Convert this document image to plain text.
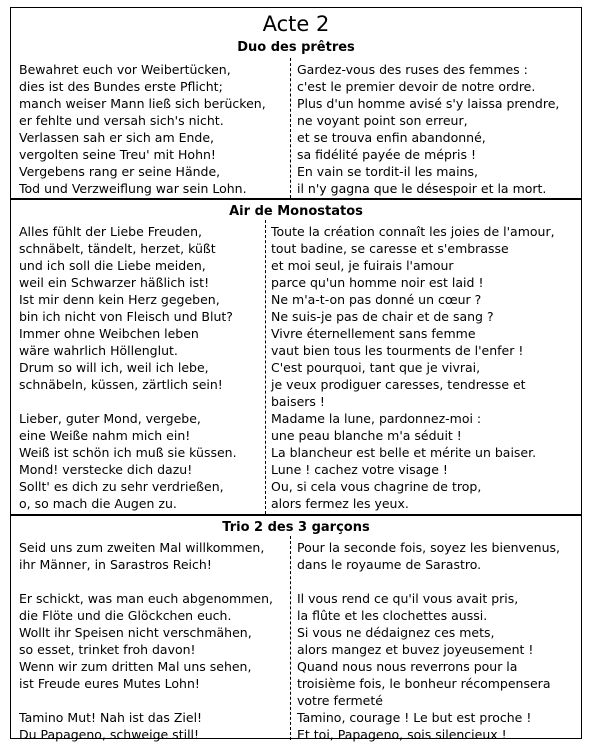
Acte 2
Duo des prêtres
Bewahret euch vor Weibertücken,
dies ist des Bundes erste Pflicht;
manch weiser Mann ließ sich berücken,
er fehlte und versah sich's nicht.
Verlassen sah er sich am Ende,
vergolten seine Treu' mit Hohn!
Vergebens rang er seine Hände,
Tod und Verzweiflung war sein Lohn.
Gardez-vous des ruses des femmes :
c'est le premier devoir de notre ordre.
Plus d'un homme avisé s'y laissa prendre,
ne voyant point son erreur,
et se trouva enfin abandonné,
sa fidélité payée de mépris !
En vain se tordit-il les mains,
il n'y gagna que le désespoir et la mort.
Air de Monostatos
Alles fühlt der Liebe Freuden,
schnäbelt, tändelt, herzet, küßt
und ich soll die Liebe meiden,
weil ein Schwarzer häßlich ist!
Ist mir denn kein Herz gegeben,
bin ich nicht von Fleisch und Blut?
Immer ohne Weibchen leben
wäre wahrlich Höllenglut.
Drum so will ich, weil ich lebe,
schnäbeln, küssen, zärtlich sein!

Lieber, guter Mond, vergebe,
eine Weiße nahm mich ein!
Weiß ist schön ich muß sie küssen.
Mond! verstecke dich dazu!
Sollt' es dich zu sehr verdrießen,
o, so mach die Augen zu.
Toute la création connaît les joies de l'amour,
tout badine, se caresse et s'embrasse
et moi seul, je fuirais l'amour
parce qu'un homme noir est laid !
Ne m'a-t-on pas donné un cœur ?
Ne suis-je pas de chair et de sang ?
Vivre éternellement sans femme
vaut bien tous les tourments de l'enfer !
C'est pourquoi, tant que je vivrai,
je veux prodiguer caresses, tendresse et
baisers !
Madame la lune, pardonnez-moi :
une peau blanche m'a séduit !
La blancheur est belle et mérite un baiser.
Lune ! cachez votre visage !
Ou, si cela vous chagrine de trop,
alors fermez les yeux.
Trio 2 des 3 garçons
Seid uns zum zweiten Mal willkommen,
ihr Männer, in Sarastros Reich!

Er schickt, was man euch abgenommen,
die Flöte und die Glöckchen euch.
Wollt ihr Speisen nicht verschmähen,
so esset, trinket froh davon!
Wenn wir zum dritten Mal uns sehen,
ist Freude eures Mutes Lohn!

Tamino Mut! Nah ist das Ziel!
Du Papageno, schweige still!
Pour la seconde fois, soyez les bienvenus,
dans le royaume de Sarastro.

Il vous rend ce qu'il vous avait pris,
la flûte et les clochettes aussi.
Si vous ne dédaignez ces mets,
alors mangez et buvez joyeusement !
Quand nous nous reverrons pour la
troisième fois, le bonheur récompensera
votre fermeté
Tamino, courage ! Le but est proche !
Et toi, Papageno, sois silencieux !
